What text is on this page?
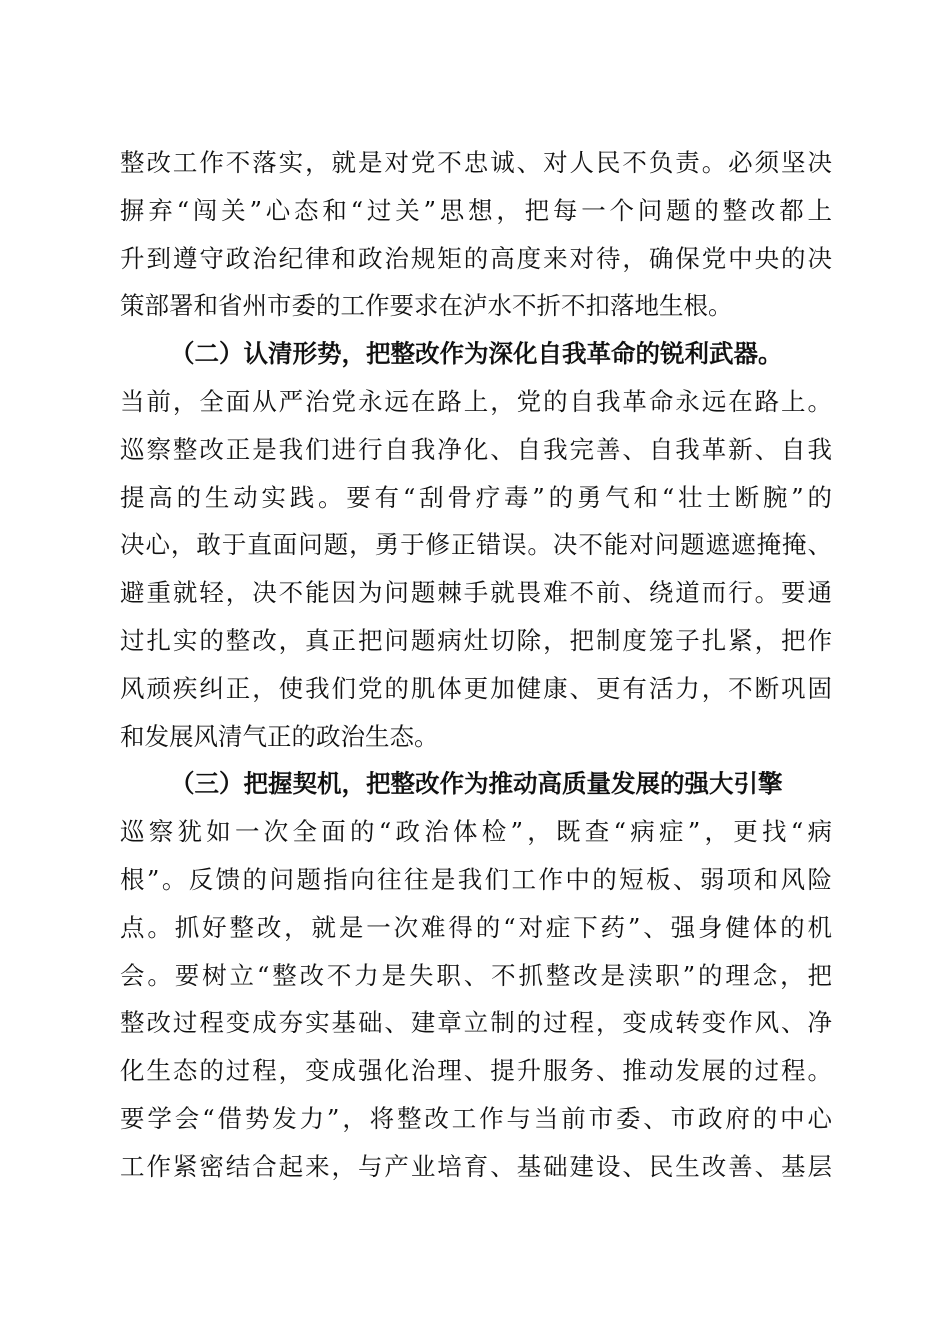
整改工作不落实，就是对党不忠诚、对人民不负责。必须坚决
摒弃“闯关”心态和“过关”思想，把每一个问题的整改都上
升到遵守政治纪律和政治规矩的高度来对待，确保党中央的决
策部署和省州市委的工作要求在泸水不折不扣落地生根。
（二）认清形势，把整改作为深化自我革命的锐利武器。
当前，全面从严治党永远在路上，党的自我革命永远在路上。
巡察整改正是我们进行自我净化、自我完善、自我革新、自我
提高的生动实践。要有“刮骨疗毒”的勇气和“壮士断腕”的
决心，敢于直面问题，勇于修正错误。决不能对问题遮遮掩掩、
避重就轻，决不能因为问题棘手就畏难不前、绕道而行。要通
过扎实的整改，真正把问题病灶切除，把制度笼子扎紧，把作
风顽疾纠正，使我们党的肌体更加健康、更有活力，不断巩固
和发展风清气正的政治生态。
（三）把握契机，把整改作为推动高质量发展的强大引擎
巡察犹如一次全面的“政治体检”，既查“病症”，更找“病
根”。反馈的问题指向往往是我们工作中的短板、弱项和风险
点。抓好整改，就是一次难得的“对症下药”、强身健体的机
会。要树立“整改不力是失职、不抓整改是渎职”的理念，把
整改过程变成夯实基础、建章立制的过程，变成转变作风、净
化生态的过程，变成强化治理、提升服务、推动发展的过程。
要学会“借势发力”，将整改工作与当前市委、市政府的中心
工作紧密结合起来，与产业培育、基础建设、民生改善、基层
